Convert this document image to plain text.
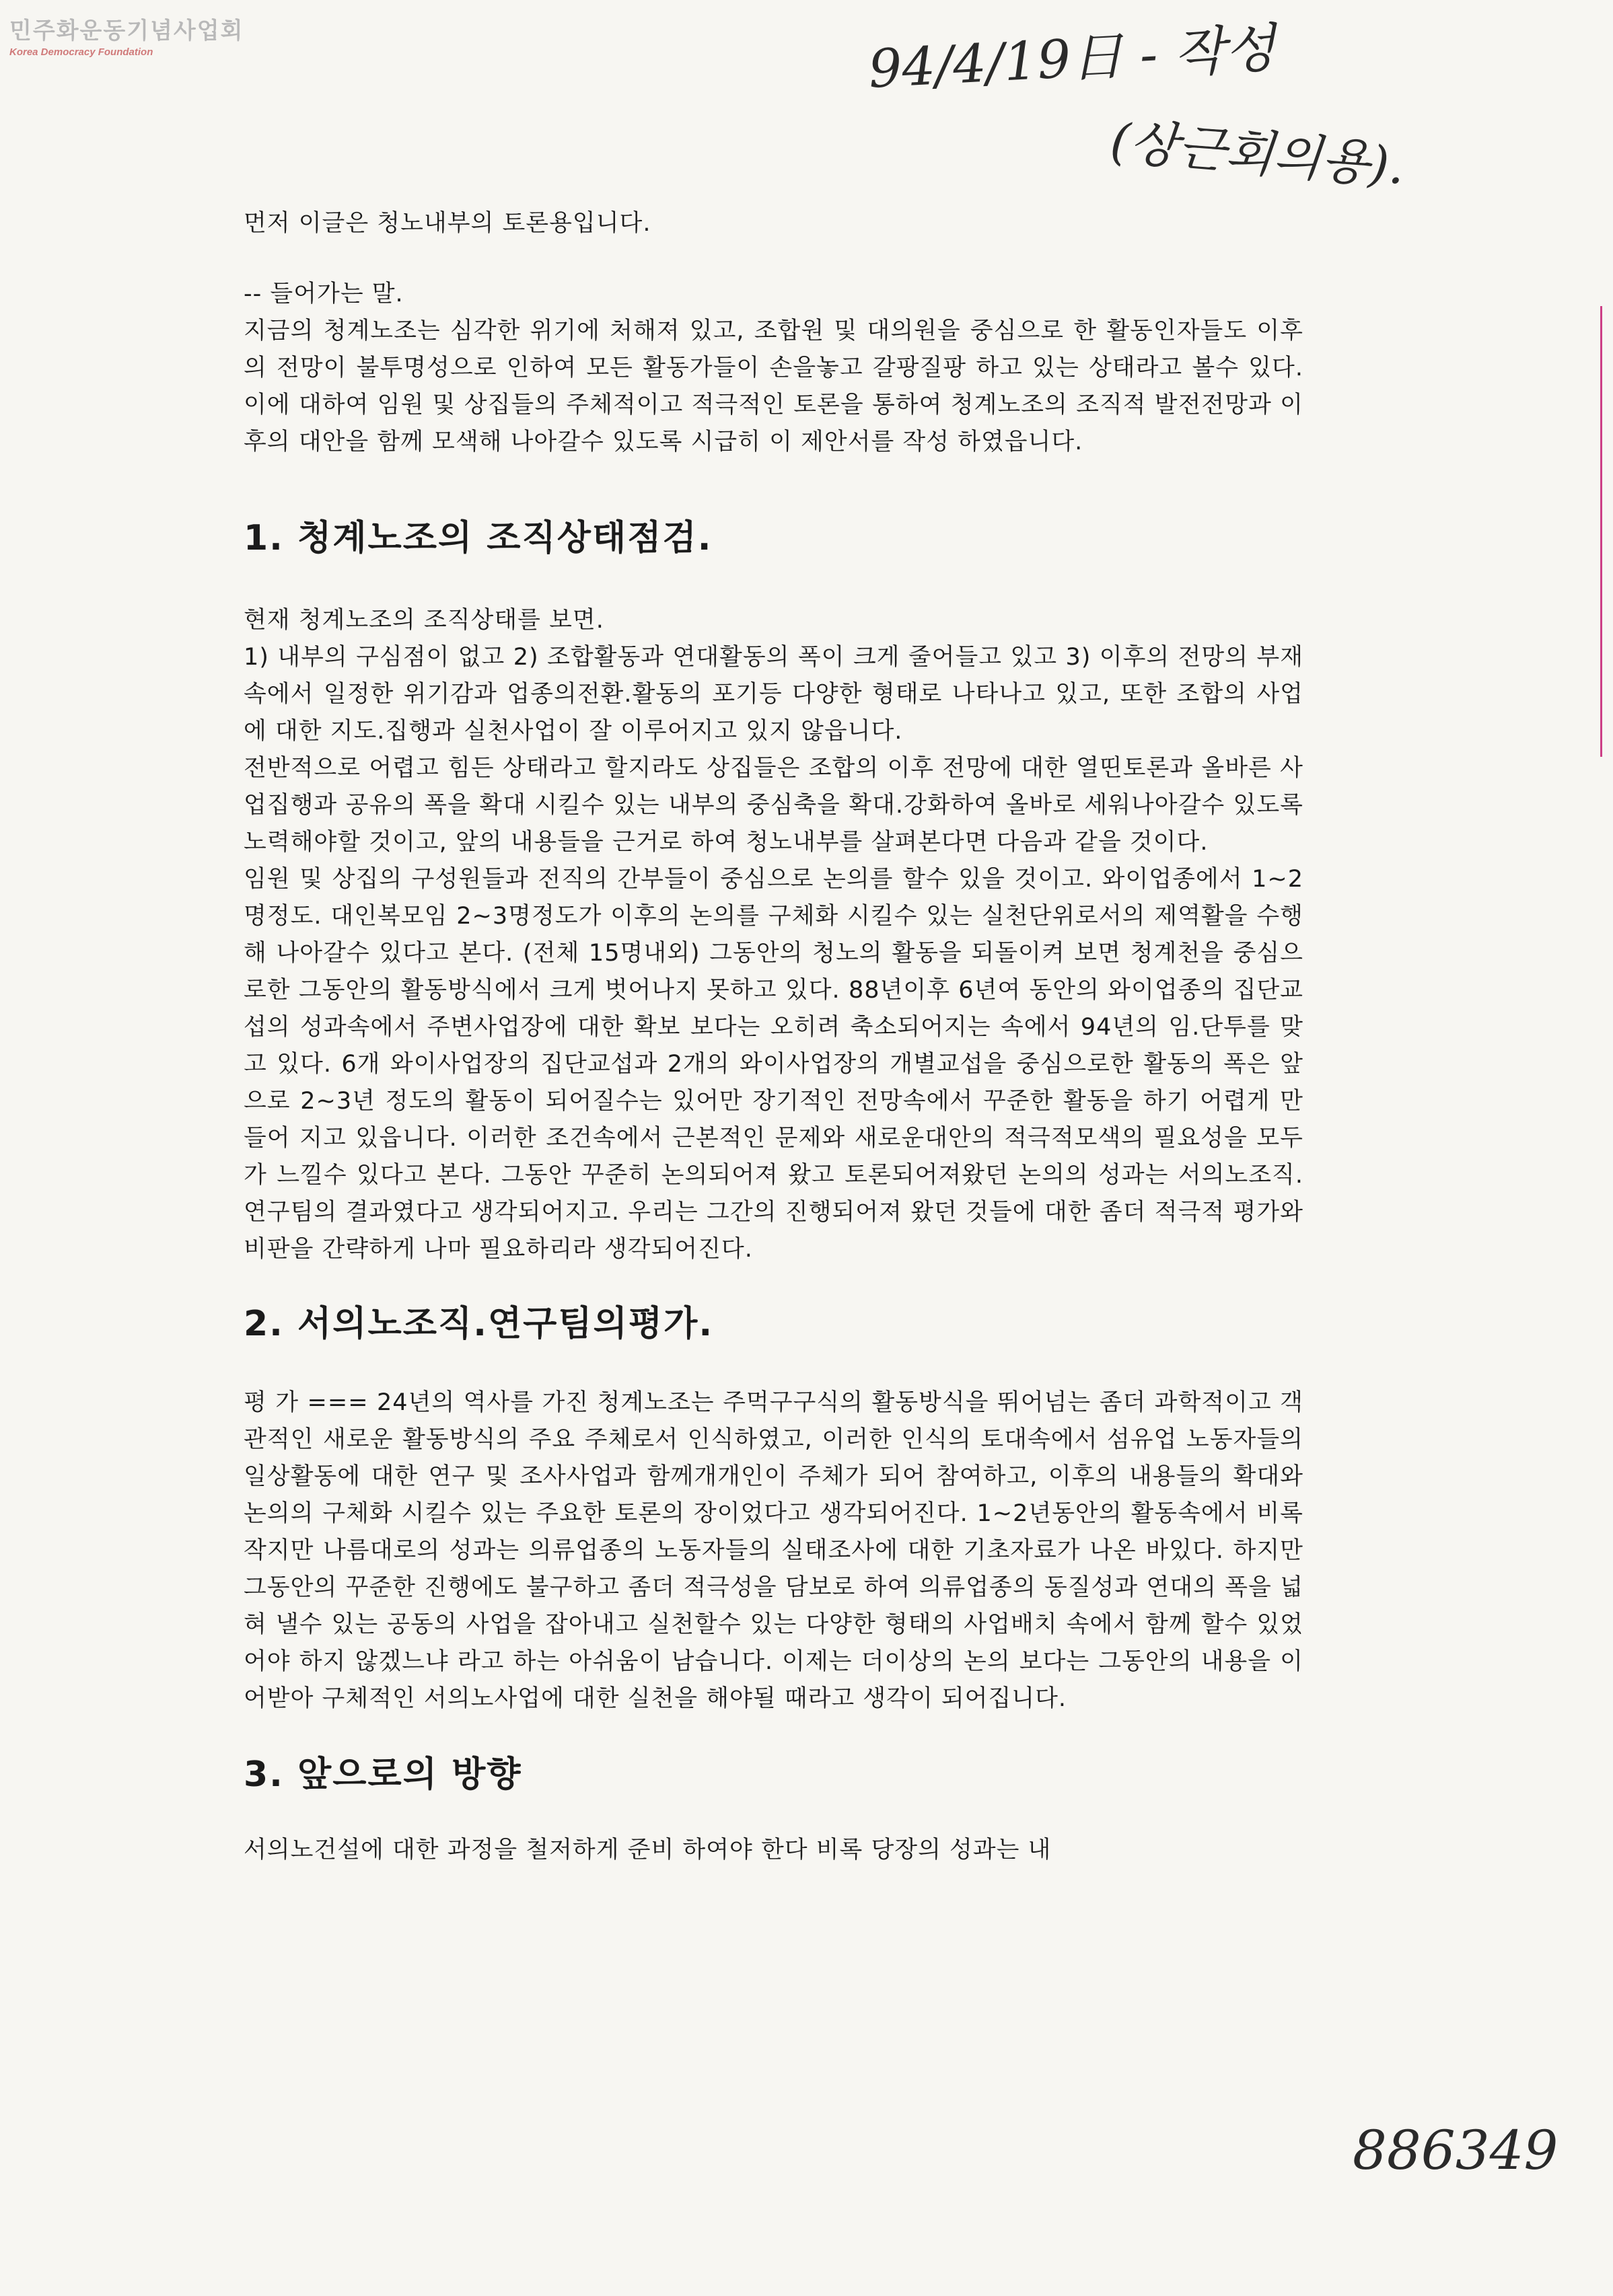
민주화운동기념사업회
Korea Democracy Foundation	94/4/19日 - 작성
(상근회의용).
886349

먼저 이글은 청노내부의 토론용입니다.

-- 들어가는 말.

지금의 청계노조는 심각한 위기에 처해져 있고, 조합원 및 대의원을 중심으로 한 활동인자들도 이후의 전망이 불투명성으로 인하여 모든 활동가들이 손을놓고 갈팡질팡 하고 있는 상태라고 볼수 있다. 이에 대하여 임원 및 상집들의 주체적이고 적극적인 토론을 통하여 청계노조의 조직적 발전전망과 이후의 대안을 함께 모색해 나아갈수 있도록 시급히 이 제안서를 작성 하였읍니다.

1. 청계노조의 조직상태점검.

현재 청계노조의 조직상태를 보면.

1) 내부의 구심점이 없고 2) 조합활동과 연대활동의 폭이 크게 줄어들고 있고 3) 이후의 전망의 부재속에서 일정한 위기감과 업종의전환.활동의 포기등 다양한 형태로 나타나고 있고, 또한 조합의 사업에 대한 지도.집행과 실천사업이 잘 이루어지고 있지 않읍니다.

전반적으로 어렵고 힘든 상태라고 할지라도 상집들은 조합의 이후 전망에 대한 열띤토론과 올바른 사업집행과 공유의 폭을 확대 시킬수 있는 내부의 중심축을 확대.강화하여 올바로 세워나아갈수 있도록 노력해야할 것이고, 앞의 내용들을 근거로 하여 청노내부를 살펴본다면 다음과 같을 것이다.

임원 및 상집의 구성원들과 전직의 간부들이 중심으로 논의를 할수 있을 것이고. 와이업종에서 1~2명정도. 대인복모임 2~3명정도가 이후의 논의를 구체화 시킬수 있는 실천단위로서의 제역활을 수행해 나아갈수 있다고 본다. (전체 15명내외) 그동안의 청노의 활동을 되돌이켜 보면 청계천을 중심으로한 그동안의 활동방식에서 크게 벗어나지 못하고 있다. 88년이후 6년여 동안의 와이업종의 집단교섭의 성과속에서 주변사업장에 대한 확보 보다는 오히려 축소되어지는 속에서 94년의 임.단투를 맞고 있다. 6개 와이사업장의 집단교섭과 2개의 와이사업장의 개별교섭을 중심으로한 활동의 폭은 앞으로 2~3년 정도의 활동이 되어질수는 있어만 장기적인 전망속에서 꾸준한 활동을 하기 어렵게 만들어 지고 있읍니다. 이러한 조건속에서 근본적인 문제와 새로운대안의 적극적모색의 필요성을 모두가 느낄수 있다고 본다. 그동안 꾸준히 논의되어져 왔고 토론되어져왔던 논의의 성과는 서의노조직.연구팀의 결과였다고 생각되어지고. 우리는 그간의 진행되어져 왔던 것들에 대한 좀더 적극적 평가와 비판을 간략하게 나마 필요하리라 생각되어진다.

2. 서의노조직.연구팀의평가.

평 가 === 24년의 역사를 가진 청계노조는 주먹구구식의 활동방식을 뛰어넘는 좀더 과학적이고 객관적인 새로운 활동방식의 주요 주체로서 인식하였고, 이러한 인식의 토대속에서 섬유업 노동자들의 일상활동에 대한 연구 및 조사사업과 함께개개인이 주체가 되어 참여하고, 이후의 내용들의 확대와 논의의 구체화 시킬수 있는 주요한 토론의 장이었다고 생각되어진다. 1~2년동안의 활동속에서 비록 작지만 나름대로의 성과는 의류업종의 노동자들의 실태조사에 대한 기초자료가 나온 바있다. 하지만 그동안의 꾸준한 진행에도 불구하고 좀더 적극성을 담보로 하여 의류업종의 동질성과 연대의 폭을 넓혀 낼수 있는 공동의 사업을 잡아내고 실천할수 있는 다양한 형태의 사업배치 속에서 함께 할수 있었어야 하지 않겠느냐 라고 하는 아쉬움이 남습니다. 이제는 더이상의 논의 보다는 그동안의 내용을 이어받아 구체적인 서의노사업에 대한 실천을 해야될 때라고 생각이 되어집니다.

3. 앞으로의 방향

서의노건설에 대한 과정을 철저하게 준비 하여야 한다 비록 당장의 성과는 내
